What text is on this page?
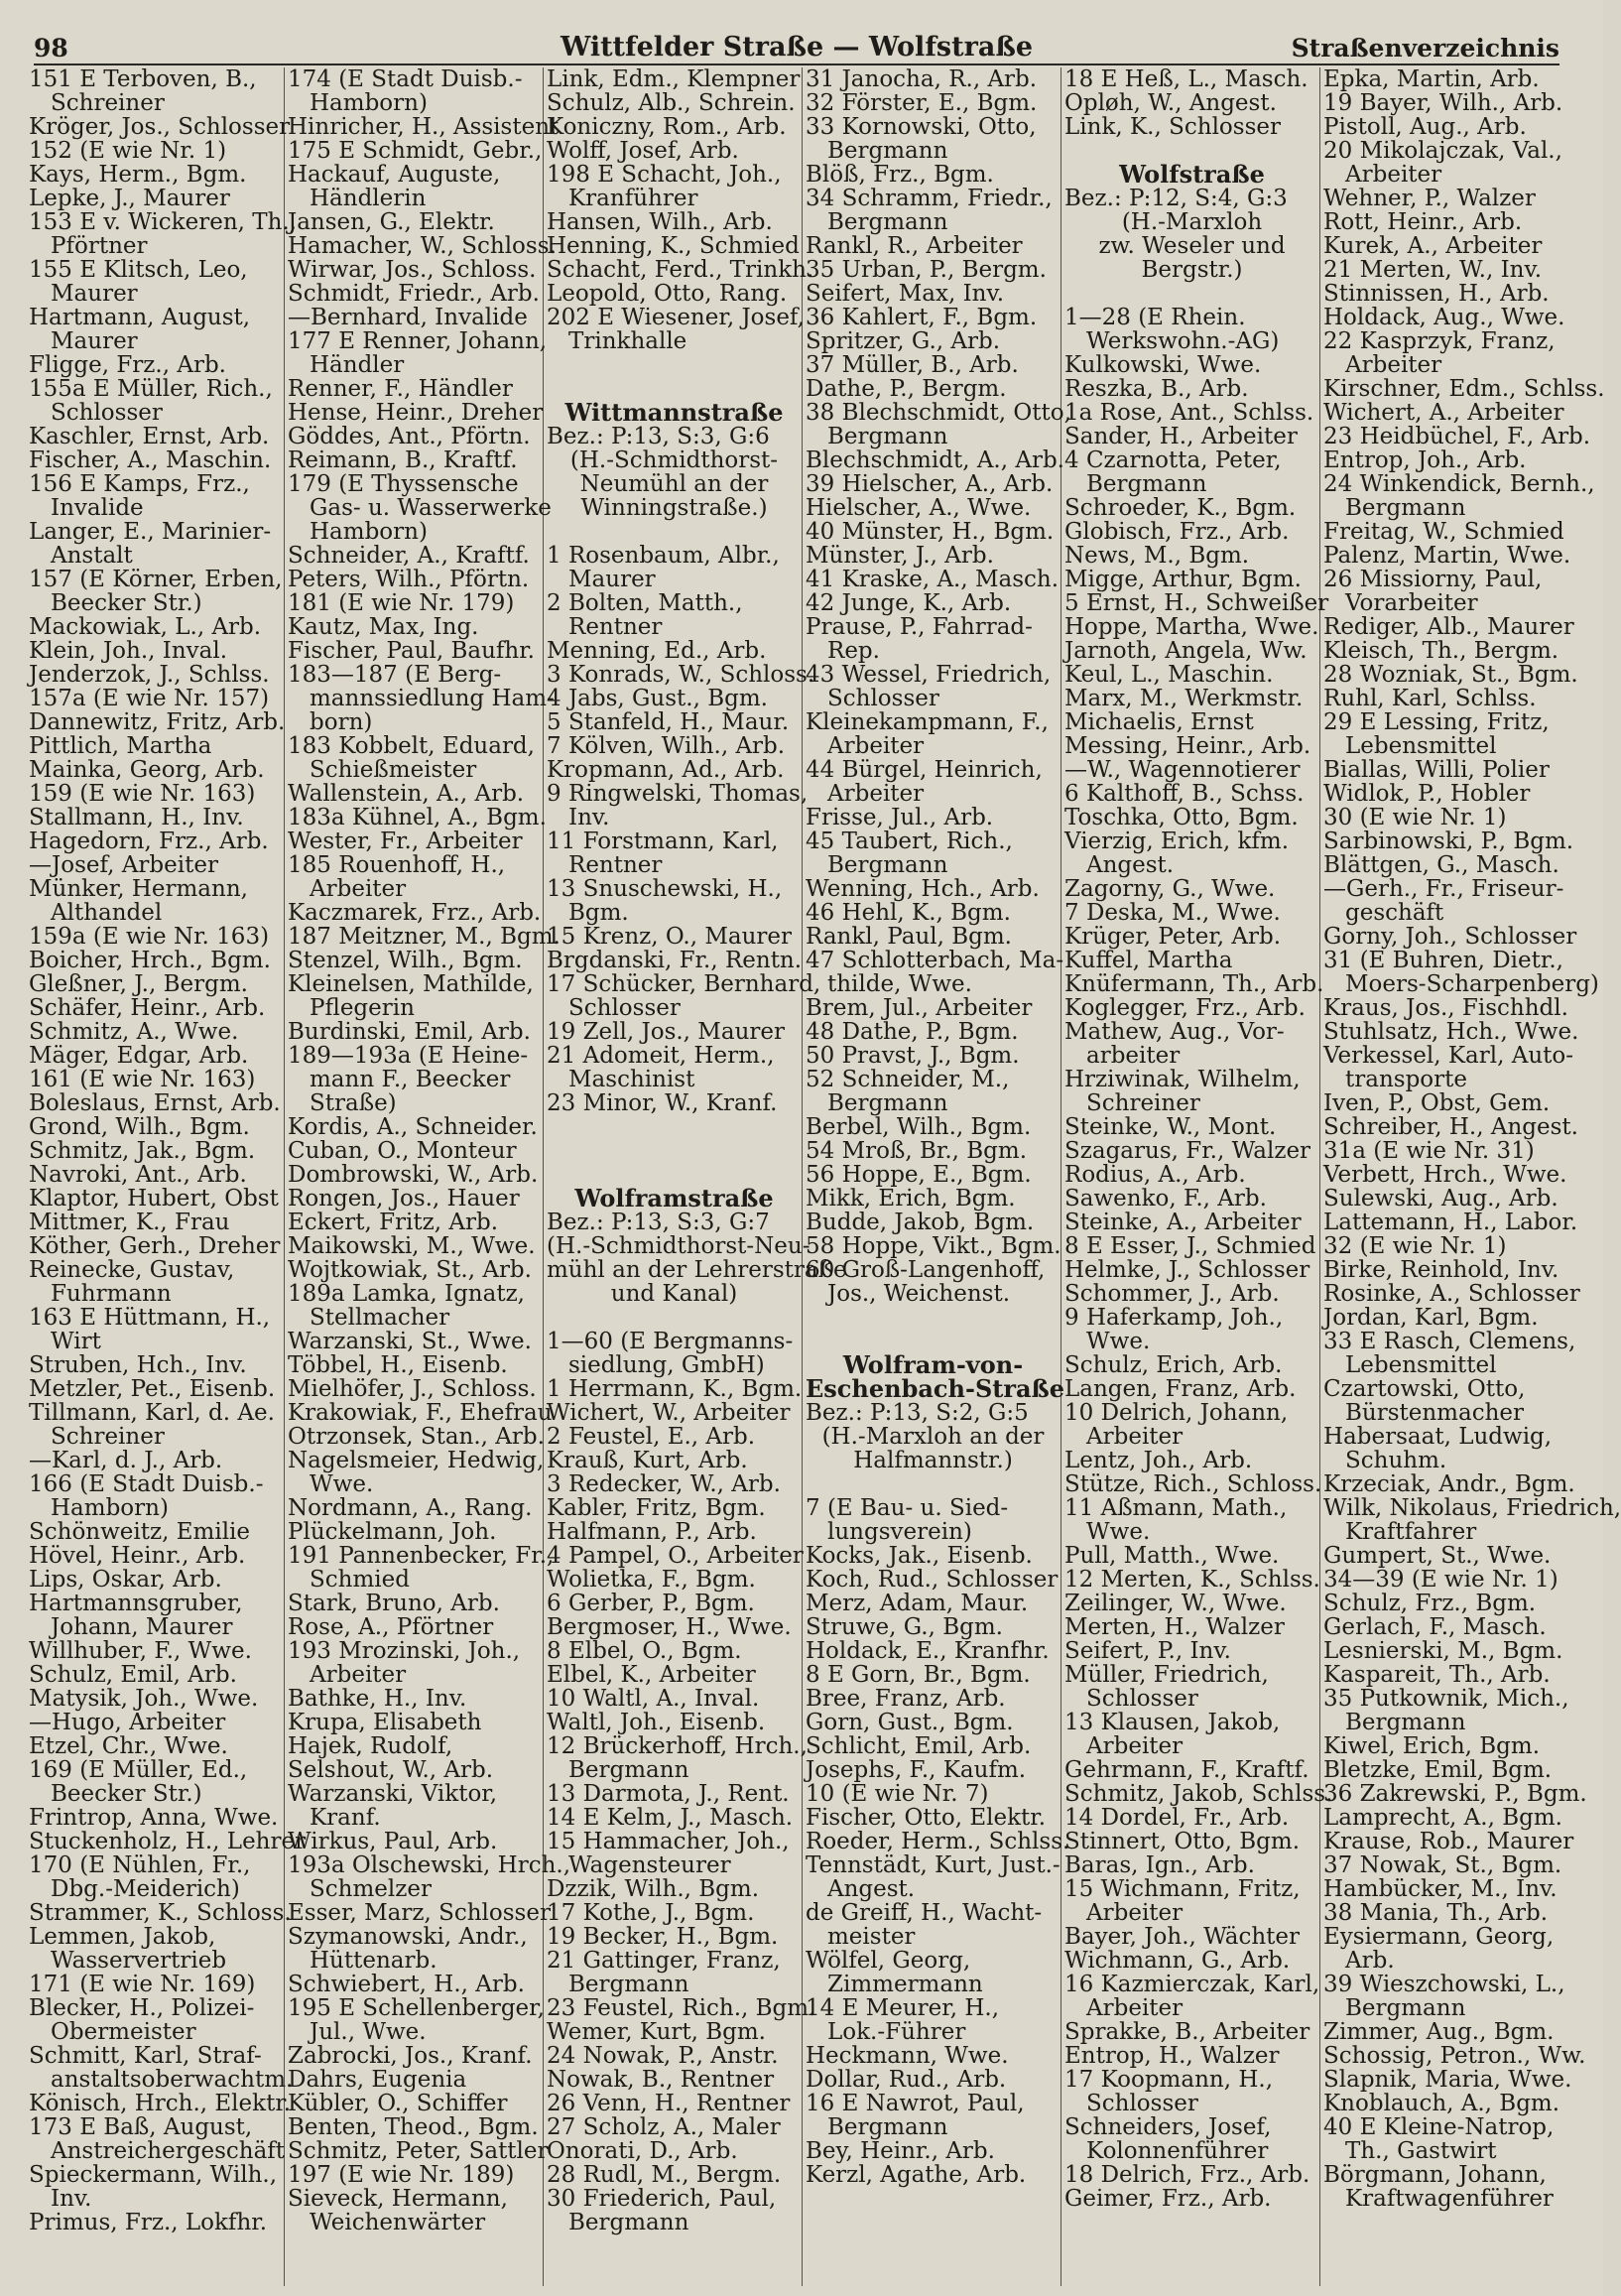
98	Wittfelder Straße — Wolfstraße	Straßenverzeichnis
151 E Terboven, B.,
Schreiner
Kröger, Jos., Schlosser
152 (E wie Nr. 1)
Kays, Herm., Bgm.
Lepke, J., Maurer
153 E v. Wickeren, Th.,
Pförtner
155 E Klitsch, Leo,
Maurer
Hartmann, August,
Maurer
Fligge, Frz., Arb.
155a E Müller, Rich.,
Schlosser
Kaschler, Ernst, Arb.
Fischer, A., Maschin.
156 E Kamps, Frz.,
Invalide
Langer, E., Marinier-
Anstalt
157 (E Körner, Erben,
Beecker Str.)
Mackowiak, L., Arb.
Klein, Joh., Inval.
Jenderzok, J., Schlss.
157a (E wie Nr. 157)
Dannewitz, Fritz, Arb.
Pittlich, Martha
Mainka, Georg, Arb.
159 (E wie Nr. 163)
Stallmann, H., Inv.
Hagedorn, Frz., Arb.
—Josef, Arbeiter
Münker, Hermann,
Althandel
159a (E wie Nr. 163)
Boicher, Hrch., Bgm.
Gleßner, J., Bergm.
Schäfer, Heinr., Arb.
Schmitz, A., Wwe.
Mäger, Edgar, Arb.
161 (E wie Nr. 163)
Boleslaus, Ernst, Arb.
Grond, Wilh., Bgm.
Schmitz, Jak., Bgm.
Navroki, Ant., Arb.
Klaptor, Hubert, Obst
Mittmer, K., Frau
Köther, Gerh., Dreher
Reinecke, Gustav,
Fuhrmann
163 E Hüttmann, H.,
Wirt
Struben, Hch., Inv.
Metzler, Pet., Eisenb.
Tillmann, Karl, d. Ae.
Schreiner
—Karl, d. J., Arb.
166 (E Stadt Duisb.-
Hamborn)
Schönweitz, Emilie
Hövel, Heinr., Arb.
Lips, Oskar, Arb.
Hartmannsgruber,
Johann, Maurer
Willhuber, F., Wwe.
Schulz, Emil, Arb.
Matysik, Joh., Wwe.
—Hugo, Arbeiter
Etzel, Chr., Wwe.
169 (E Müller, Ed.,
Beecker Str.)
Frintrop, Anna, Wwe.
Stuckenholz, H., Lehrer
170 (E Nühlen, Fr.,
Dbg.-Meiderich)
Strammer, K., Schloss.
Lemmen, Jakob,
Wasservertrieb
171 (E wie Nr. 169)
Blecker, H., Polizei-
Obermeister
Schmitt, Karl, Straf-
anstaltsoberwachtm.
Könisch, Hrch., Elektr.
173 E Baß, August,
Anstreichergeschäft
Spieckermann, Wilh.,
Inv.
Primus, Frz., Lokfhr.
174 (E Stadt Duisb.-
Hamborn)
Hinricher, H., Assistent
175 E Schmidt, Gebr.,
Hackauf, Auguste,
Händlerin
Jansen, G., Elektr.
Hamacher, W., Schloss.
Wirwar, Jos., Schloss.
Schmidt, Friedr., Arb.
—Bernhard, Invalide
177 E Renner, Johann,
Händler
Renner, F., Händler
Hense, Heinr., Dreher
Göddes, Ant., Pförtn.
Reimann, B., Kraftf.
179 (E Thyssensche
Gas- u. Wasserwerke
Hamborn)
Schneider, A., Kraftf.
Peters, Wilh., Pförtn.
181 (E wie Nr. 179)
Kautz, Max, Ing.
Fischer, Paul, Baufhr.
183—187 (E Berg-
mannssiedlung Ham-
born)
183 Kobbelt, Eduard,
Schießmeister
Wallenstein, A., Arb.
183a Kühnel, A., Bgm.
Wester, Fr., Arbeiter
185 Rouenhoff, H.,
Arbeiter
Kaczmarek, Frz., Arb.
187 Meitzner, M., Bgm.
Stenzel, Wilh., Bgm.
Kleinelsen, Mathilde,
Pflegerin
Burdinski, Emil, Arb.
189—193a (E Heine-
mann F., Beecker
Straße)
Kordis, A., Schneider.
Cuban, O., Monteur
Dombrowski, W., Arb.
Rongen, Jos., Hauer
Eckert, Fritz, Arb.
Maikowski, M., Wwe.
Wojtkowiak, St., Arb.
189a Lamka, Ignatz,
Stellmacher
Warzanski, St., Wwe.
Többel, H., Eisenb.
Mielhöfer, J., Schloss.
Krakowiak, F., Ehefrau
Otrzonsek, Stan., Arb.
Nagelsmeier, Hedwig,
Wwe.
Nordmann, A., Rang.
Plückelmann, Joh.
191 Pannenbecker, Fr.,
Schmied
Stark, Bruno, Arb.
Rose, A., Pförtner
193 Mrozinski, Joh.,
Arbeiter
Bathke, H., Inv.
Krupa, Elisabeth
Hajek, Rudolf,
Selshout, W., Arb.
Warzanski, Viktor,
Kranf.
Wirkus, Paul, Arb.
193a Olschewski, Hrch.,
Schmelzer
Esser, Marz, Schlosser
Szymanowski, Andr.,
Hüttenarb.
Schwiebert, H., Arb.
195 E Schellenberger,
Jul., Wwe.
Zabrocki, Jos., Kranf.
Dahrs, Eugenia
Kübler, O., Schiffer
Benten, Theod., Bgm.
Schmitz, Peter, Sattler
197 (E wie Nr. 189)
Sieveck, Hermann,
Weichenwärter
Link, Edm., Klempner
Schulz, Alb., Schrein.
Koniczny, Rom., Arb.
Wolff, Josef, Arb.
198 E Schacht, Joh.,
Kranführer
Hansen, Wilh., Arb.
Henning, K., Schmied
Schacht, Ferd., Trinkh.
Leopold, Otto, Rang.
202 E Wiesener, Josef,
Trinkhalle
Wittmannstraße
Bez.: P:13, S:3, G:6
(H.-Schmidthorst-
Neumühl an der
Winningstraße.)
1 Rosenbaum, Albr.,
Maurer
2 Bolten, Matth.,
Rentner
Menning, Ed., Arb.
3 Konrads, W., Schloss.
4 Jabs, Gust., Bgm.
5 Stanfeld, H., Maur.
7 Kölven, Wilh., Arb.
Kropmann, Ad., Arb.
9 Ringwelski, Thomas,
Inv.
11 Forstmann, Karl,
Rentner
13 Snuschewski, H.,
Bgm.
15 Krenz, O., Maurer
Brgdanski, Fr., Rentn.
17 Schücker, Bernhard,
Schlosser
19 Zell, Jos., Maurer
21 Adomeit, Herm.,
Maschinist
23 Minor, W., Kranf.
Wolframstraße
Bez.: P:13, S:3, G:7
(H.-Schmidthorst-Neu-
mühl an der Lehrerstraße
und Kanal)
1—60 (E Bergmanns-
siedlung, GmbH)
1 Herrmann, K., Bgm.
Wichert, W., Arbeiter
2 Feustel, E., Arb.
Krauß, Kurt, Arb.
3 Redecker, W., Arb.
Kabler, Fritz, Bgm.
Halfmann, P., Arb.
4 Pampel, O., Arbeiter
Wolietka, F., Bgm.
6 Gerber, P., Bgm.
Bergmoser, H., Wwe.
8 Elbel, O., Bgm.
Elbel, K., Arbeiter
10 Waltl, A., Inval.
Waltl, Joh., Eisenb.
12 Brückerhoff, Hrch.,
Bergmann
13 Darmota, J., Rent.
14 E Kelm, J., Masch.
15 Hammacher, Joh.,
Wagensteurer
Dzzik, Wilh., Bgm.
17 Kothe, J., Bgm.
19 Becker, H., Bgm.
21 Gattinger, Franz,
Bergmann
23 Feustel, Rich., Bgm.
Wemer, Kurt, Bgm.
24 Nowak, P., Anstr.
Nowak, B., Rentner
26 Venn, H., Rentner
27 Scholz, A., Maler
Onorati, D., Arb.
28 Rudl, M., Bergm.
30 Friederich, Paul,
Bergmann
31 Janocha, R., Arb.
32 Förster, E., Bgm.
33 Kornowski, Otto,
Bergmann
Blöß, Frz., Bgm.
34 Schramm, Friedr.,
Bergmann
Rankl, R., Arbeiter
35 Urban, P., Bergm.
Seifert, Max, Inv.
36 Kahlert, F., Bgm.
Spritzer, G., Arb.
37 Müller, B., Arb.
Dathe, P., Bergm.
38 Blechschmidt, Otto,
Bergmann
Blechschmidt, A., Arb.
39 Hielscher, A., Arb.
Hielscher, A., Wwe.
40 Münster, H., Bgm.
Münster, J., Arb.
41 Kraske, A., Masch.
42 Junge, K., Arb.
Prause, P., Fahrrad-
Rep.
43 Wessel, Friedrich,
Schlosser
Kleinekampmann, F.,
Arbeiter
44 Bürgel, Heinrich,
Arbeiter
Frisse, Jul., Arb.
45 Taubert, Rich.,
Bergmann
Wenning, Hch., Arb.
46 Hehl, K., Bgm.
Rankl, Paul, Bgm.
47 Schlotterbach, Ma-
thilde, Wwe.
Brem, Jul., Arbeiter
48 Dathe, P., Bgm.
50 Pravst, J., Bgm.
52 Schneider, M.,
Bergmann
Berbel, Wilh., Bgm.
54 Mroß, Br., Bgm.
56 Hoppe, E., Bgm.
Mikk, Erich, Bgm.
Budde, Jakob, Bgm.
58 Hoppe, Vikt., Bgm.
60 Groß-Langenhoff,
Jos., Weichenst.
Wolfram-von-
Eschenbach-Straße
Bez.: P:13, S:2, G:5
(H.-Marxloh an der
Halfmannstr.)
7 (E Bau- u. Sied-
lungsverein)
Kocks, Jak., Eisenb.
Koch, Rud., Schlosser
Merz, Adam, Maur.
Struwe, G., Bgm.
Holdack, E., Kranfhr.
8 E Gorn, Br., Bgm.
Bree, Franz, Arb.
Gorn, Gust., Bgm.
Schlicht, Emil, Arb.
Josephs, F., Kaufm.
10 (E wie Nr. 7)
Fischer, Otto, Elektr.
Roeder, Herm., Schlss.
Tennstädt, Kurt, Just.-
Angest.
de Greiff, H., Wacht-
meister
Wölfel, Georg,
Zimmermann
14 E Meurer, H.,
Lok.-Führer
Heckmann, Wwe.
Dollar, Rud., Arb.
16 E Nawrot, Paul,
Bergmann
Bey, Heinr., Arb.
Kerzl, Agathe, Arb.
18 E Heß, L., Masch.
Opløh, W., Angest.
Link, K., Schlosser
Wolfstraße
Bez.: P:12, S:4, G:3
(H.-Marxloh
zw. Weseler und
Bergstr.)
1—28 (E Rhein.
Werkswohn.-AG)
Kulkowski, Wwe.
Reszka, B., Arb.
1a Rose, Ant., Schlss.
Sander, H., Arbeiter
4 Czarnotta, Peter,
Bergmann
Schroeder, K., Bgm.
Globisch, Frz., Arb.
News, M., Bgm.
Migge, Arthur, Bgm.
5 Ernst, H., Schweißer
Hoppe, Martha, Wwe.
Jarnoth, Angela, Ww.
Keul, L., Maschin.
Marx, M., Werkmstr.
Michaelis, Ernst
Messing, Heinr., Arb.
—W., Wagennotierer
6 Kalthoff, B., Schss.
Toschka, Otto, Bgm.
Vierzig, Erich, kfm.
Angest.
Zagorny, G., Wwe.
7 Deska, M., Wwe.
Krüger, Peter, Arb.
Kuffel, Martha
Knüfermann, Th., Arb.
Koglegger, Frz., Arb.
Mathew, Aug., Vor-
arbeiter
Hrziwinak, Wilhelm,
Schreiner
Steinke, W., Mont.
Szagarus, Fr., Walzer
Rodius, A., Arb.
Sawenko, F., Arb.
Steinke, A., Arbeiter
8 E Esser, J., Schmied
Helmke, J., Schlosser
Schommer, J., Arb.
9 Haferkamp, Joh.,
Wwe.
Schulz, Erich, Arb.
Langen, Franz, Arb.
10 Delrich, Johann,
Arbeiter
Lentz, Joh., Arb.
Stütze, Rich., Schloss.
11 Aßmann, Math.,
Wwe.
Pull, Matth., Wwe.
12 Merten, K., Schlss.
Zeilinger, W., Wwe.
Merten, H., Walzer
Seifert, P., Inv.
Müller, Friedrich,
Schlosser
13 Klausen, Jakob,
Arbeiter
Gehrmann, F., Kraftf.
Schmitz, Jakob, Schlss.
14 Dordel, Fr., Arb.
Stinnert, Otto, Bgm.
Baras, Ign., Arb.
15 Wichmann, Fritz,
Arbeiter
Bayer, Joh., Wächter
Wichmann, G., Arb.
16 Kazmierczak, Karl,
Arbeiter
Sprakke, B., Arbeiter
Entrop, H., Walzer
17 Koopmann, H.,
Schlosser
Schneiders, Josef,
Kolonnenführer
18 Delrich, Frz., Arb.
Geimer, Frz., Arb.
Epka, Martin, Arb.
19 Bayer, Wilh., Arb.
Pistoll, Aug., Arb.
20 Mikolajczak, Val.,
Arbeiter
Wehner, P., Walzer
Rott, Heinr., Arb.
Kurek, A., Arbeiter
21 Merten, W., Inv.
Stinnissen, H., Arb.
Holdack, Aug., Wwe.
22 Kasprzyk, Franz,
Arbeiter
Kirschner, Edm., Schlss.
Wichert, A., Arbeiter
23 Heidbüchel, F., Arb.
Entrop, Joh., Arb.
24 Winkendick, Bernh.,
Bergmann
Freitag, W., Schmied
Palenz, Martin, Wwe.
26 Missiorny, Paul,
Vorarbeiter
Rediger, Alb., Maurer
Kleisch, Th., Bergm.
28 Wozniak, St., Bgm.
Ruhl, Karl, Schlss.
29 E Lessing, Fritz,
Lebensmittel
Biallas, Willi, Polier
Widlok, P., Hobler
30 (E wie Nr. 1)
Sarbinowski, P., Bgm.
Blättgen, G., Masch.
—Gerh., Fr., Friseur-
geschäft
Gorny, Joh., Schlosser
31 (E Buhren, Dietr.,
Moers-Scharpenberg)
Kraus, Jos., Fischhdl.
Stuhlsatz, Hch., Wwe.
Verkessel, Karl, Auto-
transporte
Iven, P., Obst, Gem.
Schreiber, H., Angest.
31a (E wie Nr. 31)
Verbett, Hrch., Wwe.
Sulewski, Aug., Arb.
Lattemann, H., Labor.
32 (E wie Nr. 1)
Birke, Reinhold, Inv.
Rosinke, A., Schlosser
Jordan, Karl, Bgm.
33 E Rasch, Clemens,
Lebensmittel
Czartowski, Otto,
Bürstenmacher
Habersaat, Ludwig,
Schuhm.
Krzeciak, Andr., Bgm.
Wilk, Nikolaus, Friedrich,
Kraftfahrer
Gumpert, St., Wwe.
34—39 (E wie Nr. 1)
Schulz, Frz., Bgm.
Gerlach, F., Masch.
Lesnierski, M., Bgm.
Kaspareit, Th., Arb.
35 Putkownik, Mich.,
Bergmann
Kiwel, Erich, Bgm.
Bletzke, Emil, Bgm.
36 Zakrewski, P., Bgm.
Lamprecht, A., Bgm.
Krause, Rob., Maurer
37 Nowak, St., Bgm.
Hambücker, M., Inv.
38 Mania, Th., Arb.
Eysiermann, Georg,
Arb.
39 Wieszchowski, L.,
Bergmann
Zimmer, Aug., Bgm.
Schossig, Petron., Ww.
Slapnik, Maria, Wwe.
Knoblauch, A., Bgm.
40 E Kleine-Natrop,
Th., Gastwirt
Börgmann, Johann,
Kraftwagenführer
